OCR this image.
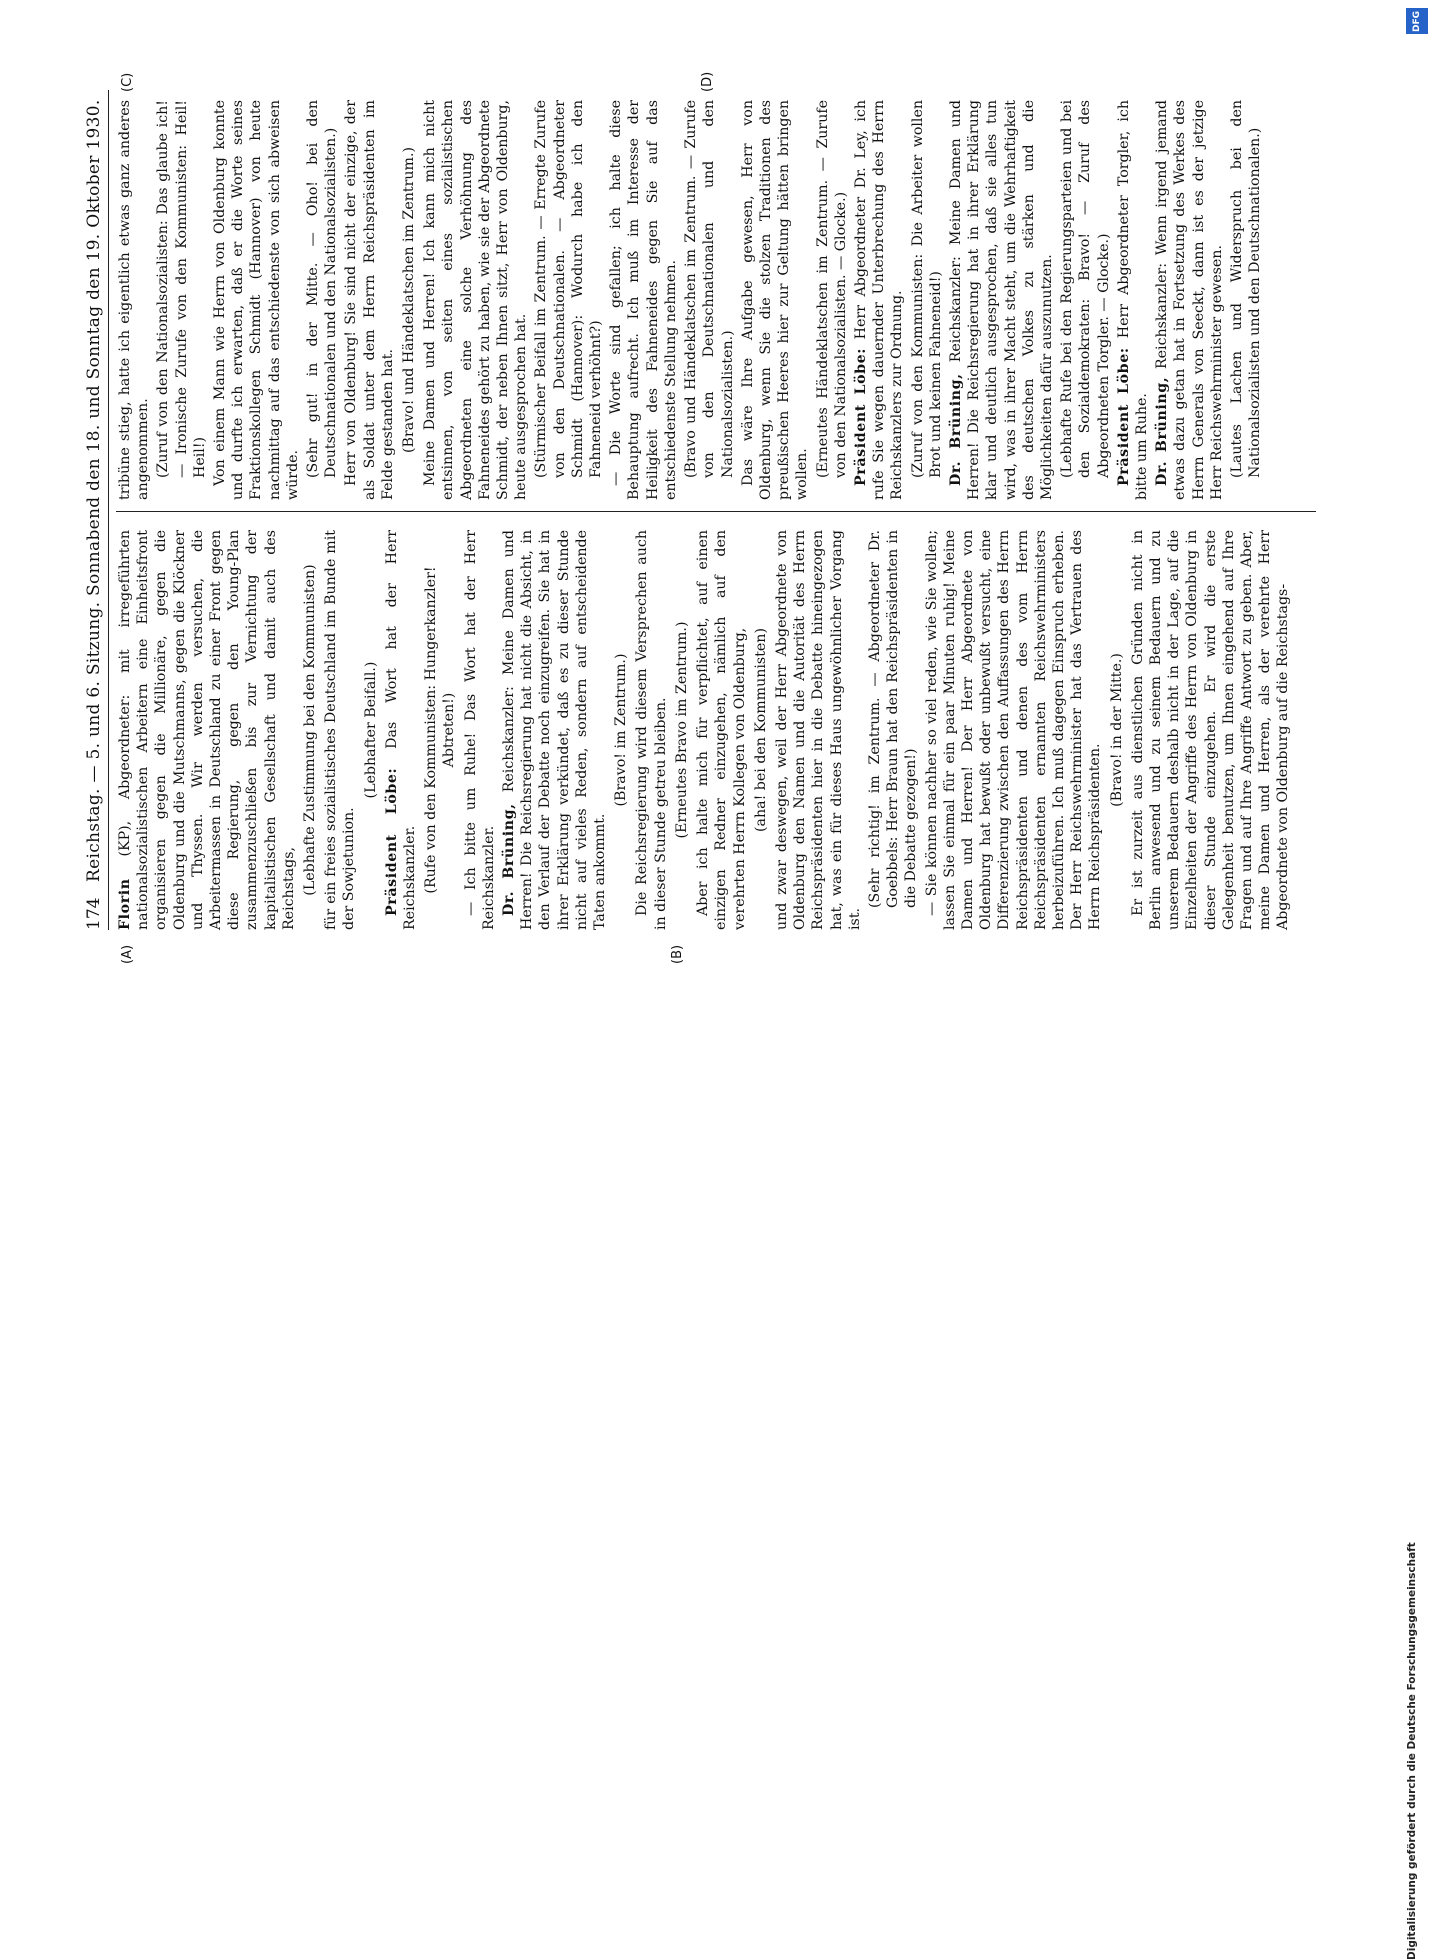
174
Reichstag. — 5. und 6. Sitzung. Sonnabend den 18. und Sonntag den 19. Oktober 1930.

Florin (KP), Abgeordneter: mit irregeführten nationalsozialistischen Arbeitern eine Einheitsfront organisieren gegen die Millionäre, gegen die Oldenburg und die Mutschmanns, gegen die Klöckner und Thyssen. Wir werden versuchen, die Arbeitermassen in Deutschland zu einer Front gegen diese Regierung, gegen den Young-Plan zusammenzuschließen bis zur Vernichtung der kapitalistischen Gesellschaft und damit auch des Reichstags, (Lebhafte Zustimmung bei den Kommunisten) für ein freies sozialistisches Deutschland im Bunde mit der Sowjetunion.

(Lebhafter Beifall.)

Präsident Löbe: Das Wort hat der Herr Reichskanzler. (Rufe von den Kommunisten: Hungerkanzler! Abtreten!) — Ich bitte um Ruhe! Das Wort hat der Herr Reichskanzler. Dr. Brüning, Reichskanzler: Meine Damen und Herren! Die Reichsregierung hat nicht die Absicht, in den Verlauf der Debatte noch einzugreifen. Sie hat in ihrer Erklärung verkündet, daß es zu dieser Stunde nicht auf vieles Reden, sondern auf entscheidende Taten ankommt.

(Bravo! im Zentrum.) Die Reichsregierung wird diesem Versprechen auch in dieser Stunde getreu bleiben. (Erneutes Bravo im Zentrum.) Aber ich halte mich für verpflichtet, auf einen einzigen Redner einzugehen, nämlich auf den verehrten Herrn Kollegen von Oldenburg, (aha! bei den Kommunisten) und zwar deswegen, weil der Herr Abgeordnete von Oldenburg den Namen und die Autorität des Herrn Reichspräsidenten hier in die Debatte hineingezogen hat, was ein für dieses Haus ungewöhnlicher Vorgang ist.

(Sehr richtig! im Zentrum. — Abgeordneter Dr. Goebbels: Herr Braun hat den Reichspräsidenten in die Debatte gezogen!) — Sie können nachher so viel reden, wie Sie wollen; lassen Sie einmal für ein paar Minuten ruhig! Meine Damen und Herren! Der Herr Abgeordnete von Oldenburg hat bewußt oder unbewußt versucht, eine Differenzierung zwischen den Auffassungen des Herrn Reichspräsidenten und denen des vom Herrn Reichspräsidenten ernannten Reichswehrministers herbeizuführen. Ich muß dagegen Einspruch erheben. Der Herr Reichswehrminister hat das Vertrauen des Herrn Reichspräsidenten.

(Bravo! in der Mitte.) Er ist zurzeit aus dienstlichen Gründen nicht in Berlin anwesend und zu seinem Bedauern und zu unserem Bedauern deshalb nicht in der Lage, auf die Einzelheiten der Angriffe des Herrn von Oldenburg in dieser Stunde einzugehen. Er wird die erste Gelegenheit benutzen, um Ihnen eingehend auf Ihre Fragen und auf Ihre Angriffe Antwort zu geben. Aber, meine Damen und Herren, als der verehrte Herr Abgeordnete von Oldenburg auf die Reichstags-

tribüne stieg, hatte ich eigentlich etwas ganz anderes angenommen. (Zuruf von den Nationalsozialisten: Das glaube ich! — Ironische Zurufe von den Kommunisten: Heil! Heil!) Von einem Mann wie Herrn von Oldenburg konnte und durfte ich erwarten, daß er die Worte seines Fraktionskollegen Schmidt (Hannover) von heute nachmittag auf das entschiedenste von sich abweisen würde. (Sehr gut! in der Mitte. — Oho! bei den Deutschnationalen und den Nationalsozialisten.) Herr von Oldenburg! Sie sind nicht der einzige, der als Soldat unter dem Herrn Reichspräsidenten im Felde gestanden hat. (Bravo! und Händeklatschen im Zentrum.) Meine Damen und Herren! Ich kann mich nicht entsinnen, von seiten eines sozialistischen Abgeordneten eine solche Verhöhnung des Fahneneides gehört zu haben, wie sie der Abgeordnete Schmidt, der neben Ihnen sitzt, Herr von Oldenburg, heute ausgesprochen hat. (Stürmischer Beifall im Zentrum. — Erregte Zurufe von den Deutschnationalen. — Abgeordneter Schmidt (Hannover): Wodurch habe ich den Fahneneid verhöhnt?) — Die Worte sind gefallen; ich halte diese Behauptung aufrecht. Ich muß im Interesse der Heiligkeit des Fahneneides gegen Sie auf das entschiedenste Stellung nehmen. (Bravo und Händeklatschen im Zentrum. — Zurufe von den Deutschnationalen und den Nationalsozialisten.) Das wäre Ihre Aufgabe gewesen, Herr von Oldenburg, wenn Sie die stolzen Traditionen des preußischen Heeres hier zur Geltung hätten bringen wollen. (Erneutes Händeklatschen im Zentrum. — Zurufe von den Nationalsozialisten. — Glocke.) Präsident Löbe: Herr Abgeordneter Dr. Ley, ich rufe Sie wegen dauernder Unterbrechung des Herrn Reichskanzlers zur Ordnung. (Zuruf von den Kommunisten: Die Arbeiter wollen Brot und keinen Fahneneid!) Dr. Brüning, Reichskanzler: Meine Damen und Herren! Die Reichsregierung hat in ihrer Erklärung klar und deutlich ausgesprochen, daß sie alles tun wird, was in ihrer Macht steht, um die Wehrhaftigkeit des deutschen Volkes zu stärken und die Möglichkeiten dafür auszunutzen. (Lebhafte Rufe bei den Regierungsparteien und bei den Sozialdemokraten: Bravo! — Zuruf des Abgeordneten Torgler. — Glocke.) Präsident Löbe: Herr Abgeordneter Torgler, ich bitte um Ruhe. Dr. Brüning, Reichskanzler: Wenn irgend jemand etwas dazu getan hat in Fortsetzung des Werkes des Herrn Generals von Seeckt, dann ist es der jetzige Herr Reichswehrminister gewesen. (Lautes Lachen und Widerspruch bei den Nationalsozialisten und den Deutschnationalen.)

(A)	(B)
(C)	(D)
DFG
Digitalisierung gefördert durch die Deutsche Forschungsgemeinschaft
